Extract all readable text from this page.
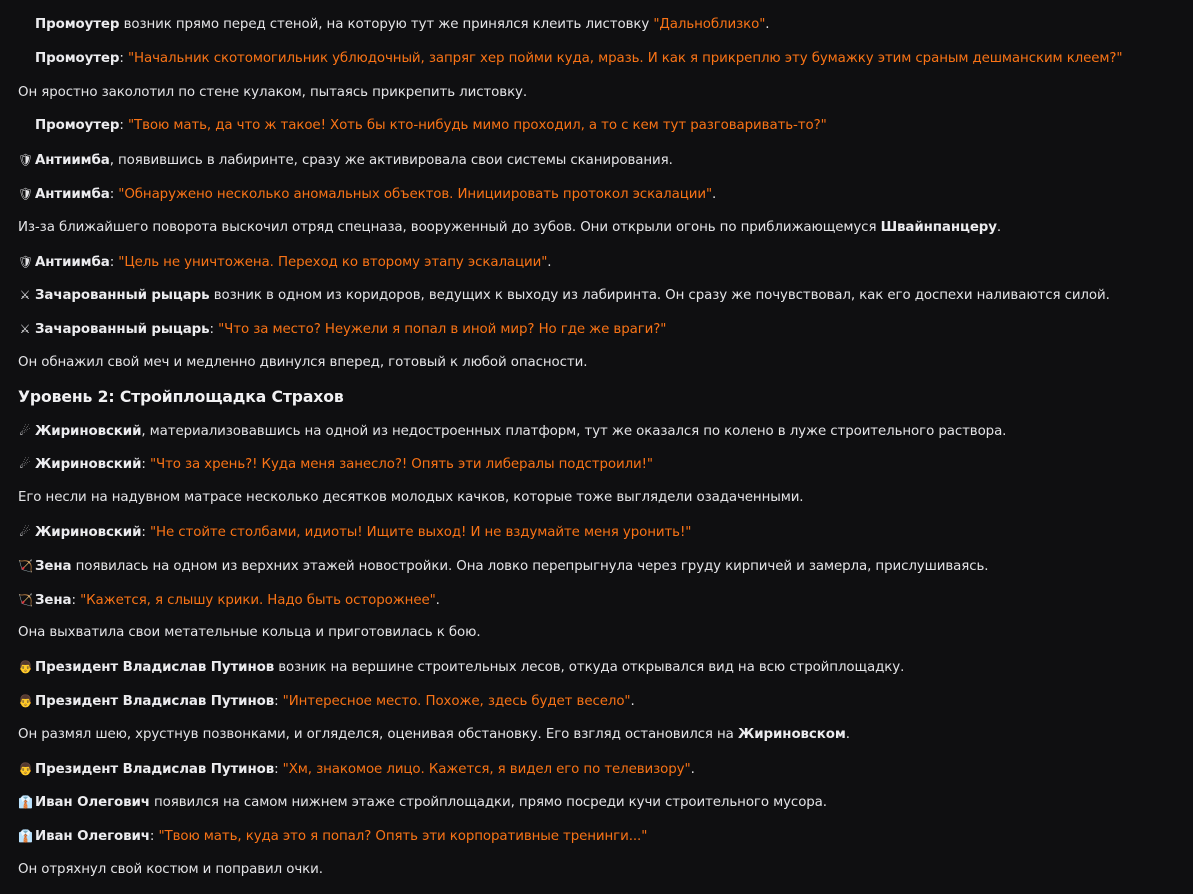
Промоутер возник прямо перед стеной, на которую тут же принялся клеить листовку "Дальноблизко".
Промоутер: "Начальник скотомогильник ублюдочный, запряг хер пойми куда, мразь. И как я прикреплю эту бумажку этим сраным дешманским клеем?"
Он яростно заколотил по стене кулаком, пытаясь прикрепить листовку.
Промоутер: "Твою мать, да что ж такое! Хоть бы кто-нибудь мимо проходил, а то с кем тут разговаривать-то?"
🛡 Антиимба, появившись в лабиринте, сразу же активировала свои системы сканирования.
🛡 Антиимба: "Обнаружено несколько аномальных объектов. Инициировать протокол эскалации".
Из-за ближайшего поворота выскочил отряд спецназа, вооруженный до зубов. Они открыли огонь по приближающемуся Швайнпанцеру.
🛡 Антиимба: "Цель не уничтожена. Переход ко второму этапу эскалации".
⚔ Зачарованный рыцарь возник в одном из коридоров, ведущих к выходу из лабиринта. Он сразу же почувствовал, как его доспехи наливаются силой.
⚔ Зачарованный рыцарь: "Что за место? Неужели я попал в иной мир? Но где же враги?"
Он обнажил свой меч и медленно двинулся вперед, готовый к любой опасности.
Уровень 2: Стройплощадка Страхов
☄ Жириновский, материализовавшись на одной из недостроенных платформ, тут же оказался по колено в луже строительного раствора.
☄ Жириновский: "Что за хрень?! Куда меня занесло?! Опять эти либералы подстроили!"
Его несли на надувном матрасе несколько десятков молодых качков, которые тоже выглядели озадаченными.
☄ Жириновский: "Не стойте столбами, идиоты! Ищите выход! И не вздумайте меня уронить!"
🏹 Зена появилась на одном из верхних этажей новостройки. Она ловко перепрыгнула через груду кирпичей и замерла, прислушиваясь.
🏹 Зена: "Кажется, я слышу крики. Надо быть осторожнее".
Она выхватила свои метательные кольца и приготовилась к бою.
👨 Президент Владислав Путинов возник на вершине строительных лесов, откуда открывался вид на всю стройплощадку.
👨 Президент Владислав Путинов: "Интересное место. Похоже, здесь будет весело".
Он размял шею, хрустнув позвонками, и огляделся, оценивая обстановку. Его взгляд остановился на Жириновском.
👨 Президент Владислав Путинов: "Хм, знакомое лицо. Кажется, я видел его по телевизору".
👔 Иван Олегович появился на самом нижнем этаже стройплощадки, прямо посреди кучи строительного мусора.
👔 Иван Олегович: "Твою мать, куда это я попал? Опять эти корпоративные тренинги..."
Он отряхнул свой костюм и поправил очки.
